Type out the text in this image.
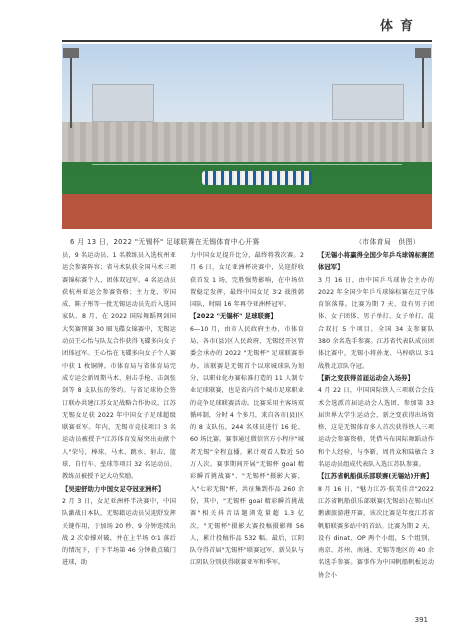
体育
6 月 13 日，2022 "无锡杯" 足球联赛在无锡体育中心开赛	（市体育局　供图）

员，9 名运动员、1 名教练员入选杭州亚运会参赛阵容；省马术队获全国马术三项赛锦标赛个人、团体双冠军，4 名运动员获杭州亚运会参赛资格；主力龙、罗国成、陈子彤等一批无锡运动员先后入选国家队、8 月，在 2022 国际舞蹈网剑国大奖赛预赛 30 圈飞碟女锦赛中，无锡运动员王心怡与队友合作获得飞碟多向女子团体冠军。王心怡在飞碟多向女子个人赛中获 1 枚铜牌。市体育局与省体育局完成专运会新周期马术、射击手枪、击剑张剑等 8 支队伍的签约。与省足球协会签订联办共建江苏女足战略合作协议，江苏无锡女足获 2022 年中国女子足球超级联赛亚军。年内，无锡市竞技项目 3 名运动员被授予"江苏体育发展突出贡献个人"荣号，棒球、马术、跳水、射击、篮球、自行车、垒球等项目 32 名运动员、教练员被授予记大功奖励。

【吴迎舒助力中国女足夺冠亚洲杯】

2 月 3 日，女足亚洲杯半决赛中，中国队激战日本队，无锡籍运动员吴迎舒发挥关键作用，于加场 20 秒、9 分钟连续出战 2 次牵撑对破，并在上半场 0∶1 落后的情况下，于下半场第 46 分钟救点破门进球，助

力中国女足提升比分，最终将我次赛。2 月 6 日，女足亚洲杯决赛中，吴迎舒收获首发 1 场，完胜强势影响，在中场位置稳定发挥，最终中国女足 3∶2 战胜韩国队，时隔 16 年再夺亚洲杯冠军。

【2022 "无锡杯" 足球联赛】

6—10 月，由市人民政府主办，市体育局、各市(县)区人民政府、无锡经开区管委会承办的 2022 "无锡杯" 足球联赛举办。该联赛是无锡首个以球城球队为划分，以职业化办赛标准打造的 11 人制专业足球联赛，也是省内首个城市足球职业的竞争足球联赛活动。比赛采用主客场双循环制，分时 4 个多月，来自各市(县)区的 8 支队伍，244 名球员进行 16 轮、60 场比赛。赛事通过微信官方小程序"城者无锡"全程直播，累计观看人数近 50 万人次。赛事期间开展"无锡杯 goal 精彩瞬首挑战赛"、"无锡杯"摄影大赛，入"七彩无锡"杯，共征集到作品 260 余份，其中，"无锡杯 goal 精彩瞬首挑战赛"相关抖音话题浏览量超 1.3 亿次，"无锡杯"摄影大赛投稿摄影师 56 人，累计投稿作品 532 幅。最后，江阴队夺得首届"无锡杯"联赛冠军，新吴队与江阴队分别获得联赛亚军和季军。

【无锡小将赢得全国少年乒乓球锦标赛团体冠军】

3 月 16 日，由中国乒乓球协会主办的 2022 年全国少年乒乓球锦标赛在辽宁体育馆落幕。比赛为期 7 天，设有男子团体、女子团体、男子单打、女子单打、混合双打 5 个项目，全国 34 支参赛队 380 余名选手参赛。江苏省代表队成员团体比赛中，无锡小将孙龙、马梓晗以 3∶1 战胜北京队夺冠。

【新之变获得首届运动会入场券】

4 月 22 日，中国国际铁人三项联合会技术会选派首届运动会人选团，参加第 33 届世界大学生运动会，新之变获得出场资格，这是无锡体育多人首次获得铁人三项运动会参赛资格，凭借马布国际舞蹈动作和个人经验，与李靳、周肖众和陆敏合 3 名运动员组成代表队入选江苏队参赛。

【江苏省帆船俱乐部联赛(无锡站)开赛】

8 月 16 日，"魅力江苏·航美佳音"2022 江苏省帆船俱乐部联赛(无锡站)在锡山区鹅湖旅游港开赛，该次比赛是年度江苏省帆船联赛多站中的首站。比赛为期 2 天，设有 dinat、OP 两个小组，5 个组别，南京、苏州、南通、无锡等地区的 40 余名选手参赛。赛事作为中国帆船帆板运动协会小

391
